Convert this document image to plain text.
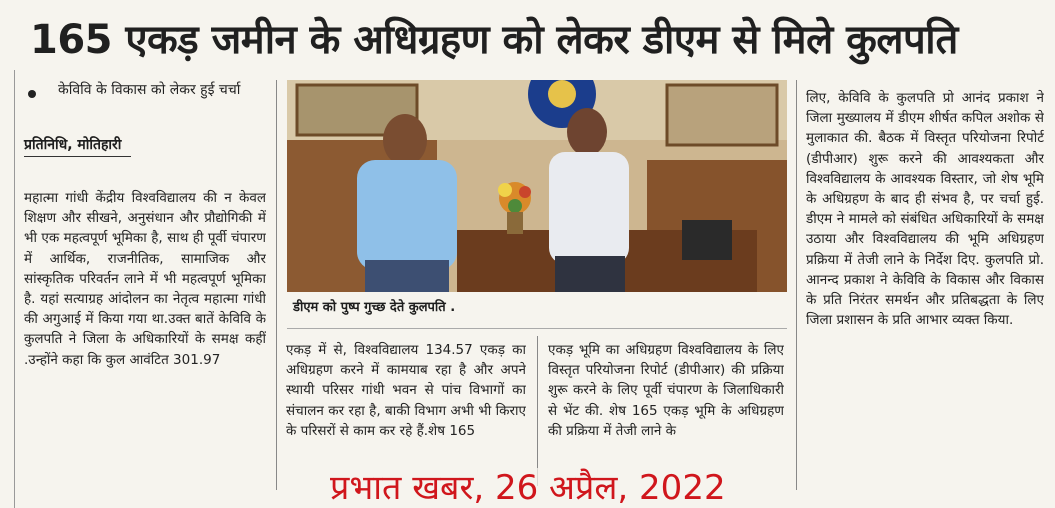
165 एकड़ जमीन के अधिग्रहण को लेकर डीएम से मिले कुलपति
केविवि के विकास को लेकर हुई चर्चा
प्रतिनिधि, मोतिहारी
महात्मा गांधी केंद्रीय विश्वविद्यालय की न केवल शिक्षण और सीखने, अनुसंधान और प्रौद्योगिकी में भी एक महत्वपूर्ण भूमिका है, साथ ही पूर्वी चंपारण में आर्थिक, राजनीतिक, सामाजिक और सांस्कृतिक परिवर्तन लाने में भी महत्वपूर्ण भूमिका है. यहां सत्याग्रह आंदोलन का नेतृत्व महात्मा गांधी की अगुआई में किया गया था.उक्त बातें केविवि के कुलपति ने जिला के अधिकारियों के समक्ष कहीं .उन्होंने कहा कि कुल आवंटित 301.97
डीएम को पुष्प गुच्छ देते कुलपति .
एकड़ में से, विश्वविद्यालय 134.57 एकड़ का अधिग्रहण करने में कामयाब रहा है और अपने स्थायी परिसर गांधी भवन से पांच विभागों का संचालन कर रहा है, बाकी विभाग अभी भी किराए के परिसरों से काम कर रहे हैं.शेष 165
एकड़ भूमि का अधिग्रहण विश्वविद्यालय के लिए विस्तृत परियोजना रिपोर्ट (डीपीआर) की प्रक्रिया शुरू करने के लिए पूर्वी चंपारण के जिलाधिकारी से भेंट की. शेष 165 एकड़ भूमि के अधिग्रहण की प्रक्रिया में तेजी लाने के
लिए, केविवि के कुलपति प्रो आनंद प्रकाश ने जिला मुख्यालय में डीएम शीर्षत कपिल अशोक से मुलाकात की. बैठक में विस्तृत परियोजना रिपोर्ट (डीपीआर) शुरू करने की आवश्यकता और विश्वविद्यालय के आवश्यक विस्तार, जो शेष भूमि के अधिग्रहण के बाद ही संभव है, पर चर्चा हुई. डीएम ने मामले को संबंधित अधिकारियों के समक्ष उठाया और विश्वविद्यालय की भूमि अधिग्रहण प्रक्रिया में तेजी लाने के निर्देश दिए. कुलपति प्रो. आनन्द प्रकाश ने केविवि के विकास और विकास के प्रति निरंतर समर्थन और प्रतिबद्धता के लिए जिला प्रशासन के प्रति आभार व्यक्त किया.
प्रभात खबर, 26 अप्रैल, 2022
